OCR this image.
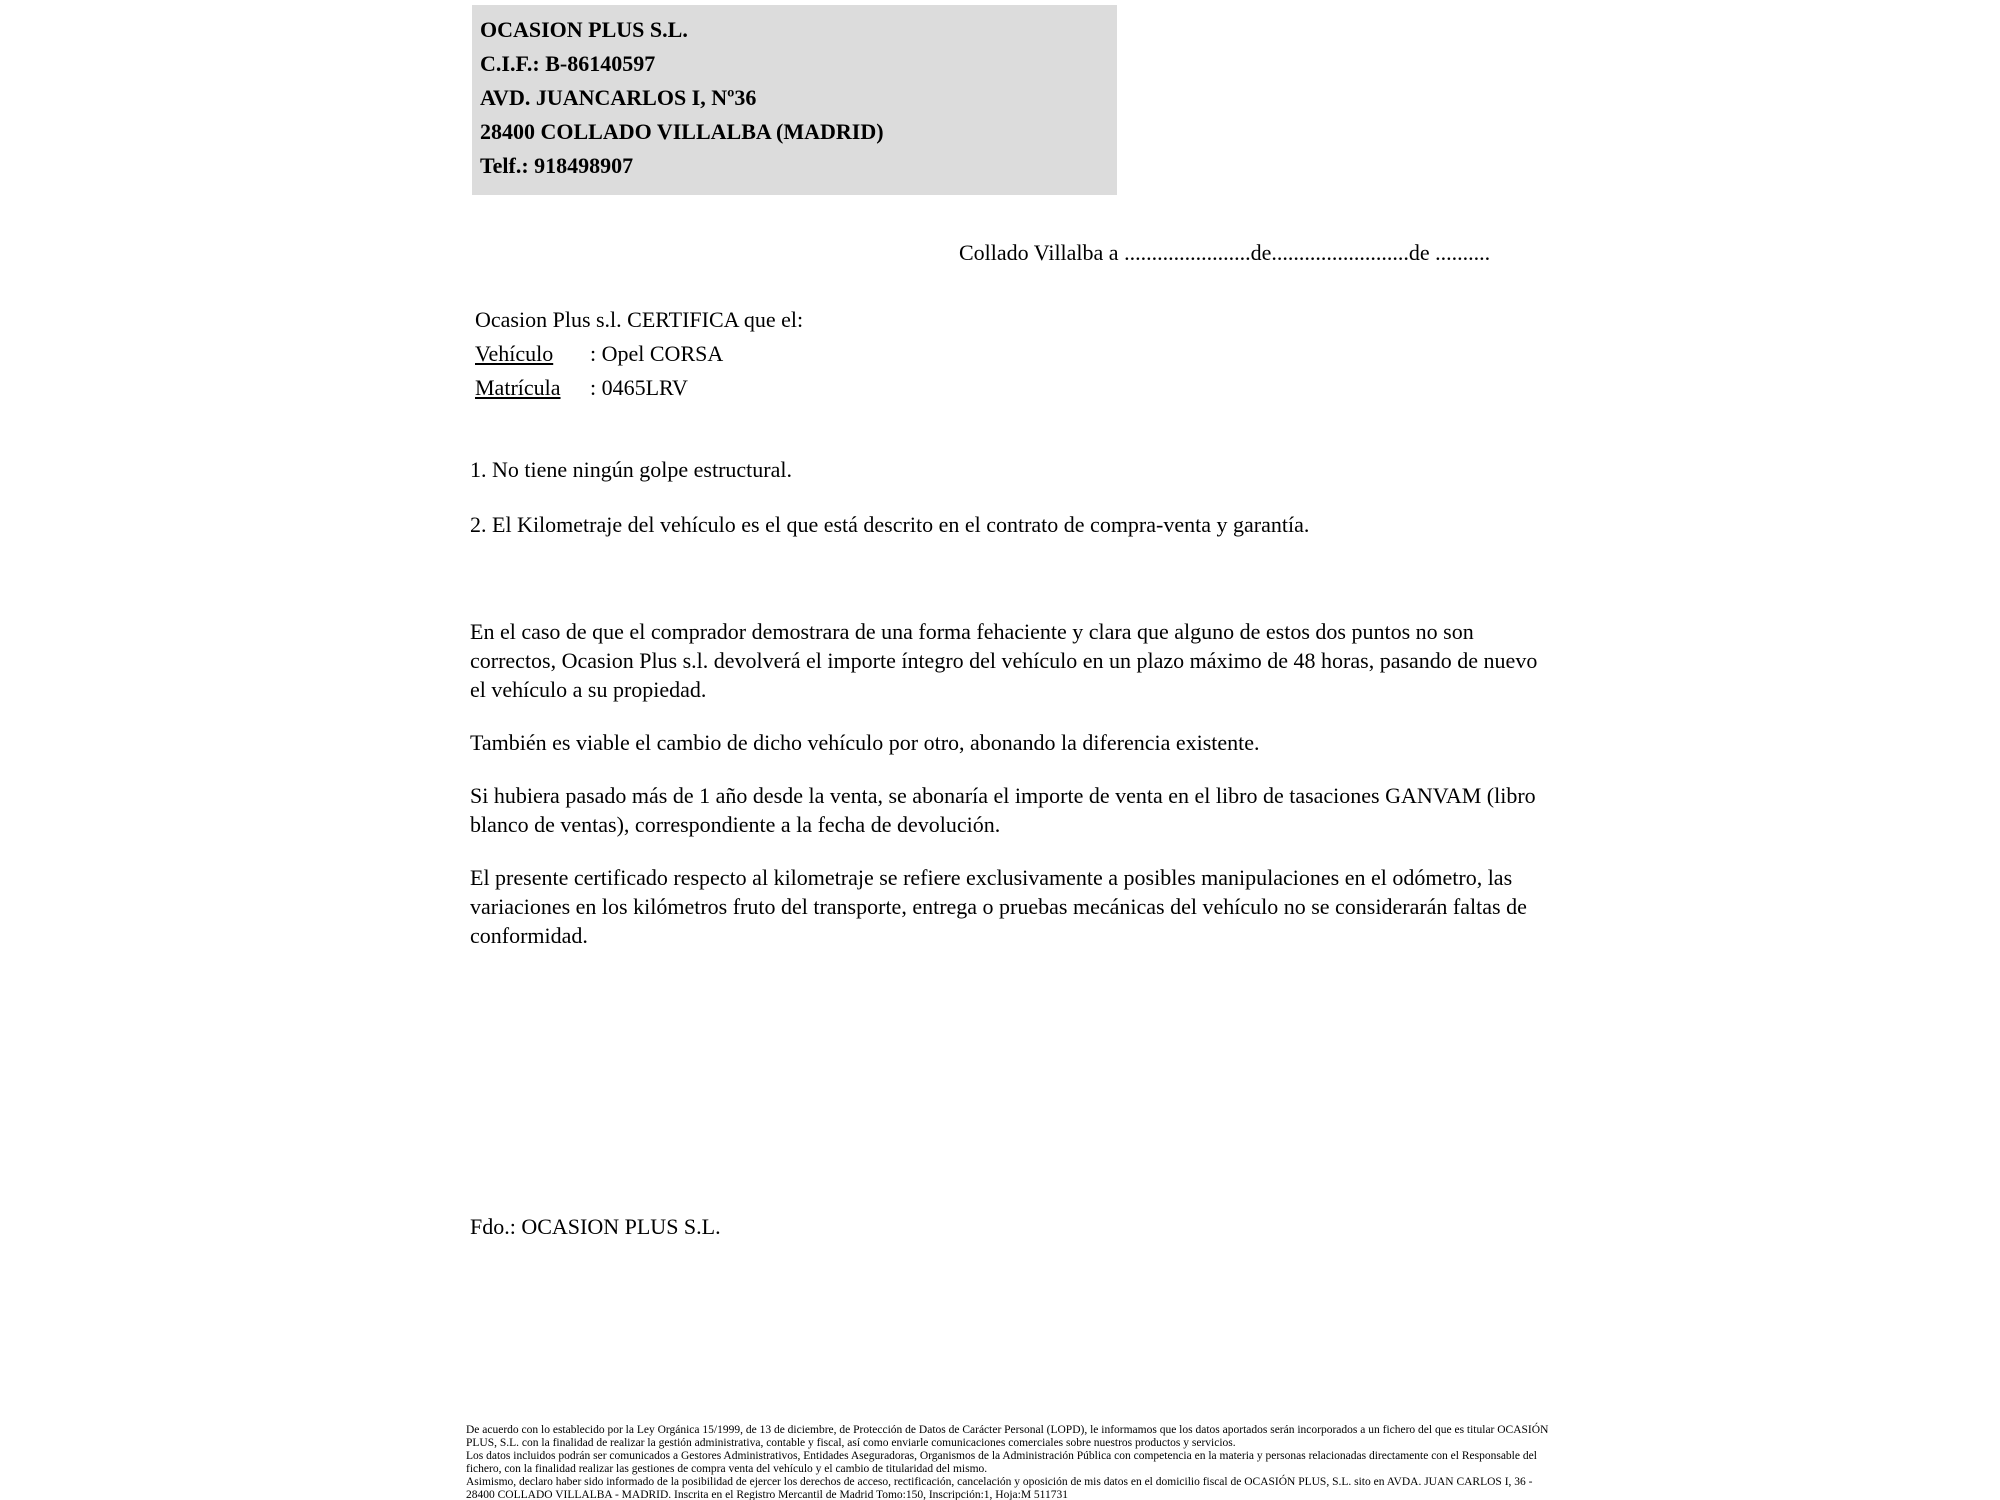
OCASION PLUS S.L.
C.I.F.: B-86140597
AVD. JUANCARLOS I, Nº36
28400 COLLADO VILLALBA (MADRID)
Telf.: 918498907
Collado Villalba a .......................de.........................de ..........
Ocasion Plus s.l. CERTIFICA que el:
Vehículo : Opel CORSA
Matrícula : 0465LRV
1. No tiene ningún golpe estructural.
2. El Kilometraje del vehículo es el que está descrito en el contrato de compra-venta y garantía.
En el caso de que el comprador demostrara de una forma fehaciente y clara que alguno de estos dos puntos no son correctos, Ocasion Plus s.l. devolverá el importe íntegro del vehículo en un plazo máximo de 48 horas, pasando de nuevo el vehículo a su propiedad.
También es viable el cambio de dicho vehículo por otro, abonando la diferencia existente.
Si hubiera pasado más de 1 año desde la venta, se abonaría el importe de venta en el libro de tasaciones GANVAM (libro blanco de ventas), correspondiente a la fecha de devolución.
El presente certificado respecto al kilometraje se refiere exclusivamente a posibles manipulaciones en el odómetro, las variaciones en los kilómetros fruto del transporte, entrega o pruebas mecánicas del vehículo no se considerarán faltas de conformidad.
Fdo.: OCASION PLUS S.L.

De acuerdo con lo establecido por la Ley Orgánica 15/1999, de 13 de diciembre, de Protección de Datos de Carácter Personal (LOPD), le informamos que los datos aportados serán incorporados a un fichero del que es titular OCASIÓN PLUS, S.L. con la finalidad de realizar la gestión administrativa, contable y fiscal, así como enviarle comunicaciones comerciales sobre nuestros productos y servicios.

Los datos incluidos podrán ser comunicados a Gestores Administrativos, Entidades Aseguradoras, Organismos de la Administración Pública con competencia en la materia y personas relacionadas directamente con el Responsable del fichero, con la finalidad realizar las gestiones de compra venta del vehículo y el cambio de titularidad del mismo.

Asimismo, declaro haber sido informado de la posibilidad de ejercer los derechos de acceso, rectificación, cancelación y oposición de mis datos en el domicilio fiscal de OCASIÓN PLUS, S.L. sito en AVDA. JUAN CARLOS I, 36 - 28400 COLLADO VILLALBA - MADRID. Inscrita en el Registro Mercantil de Madrid Tomo:150, Inscripción:1, Hoja:M 511731
